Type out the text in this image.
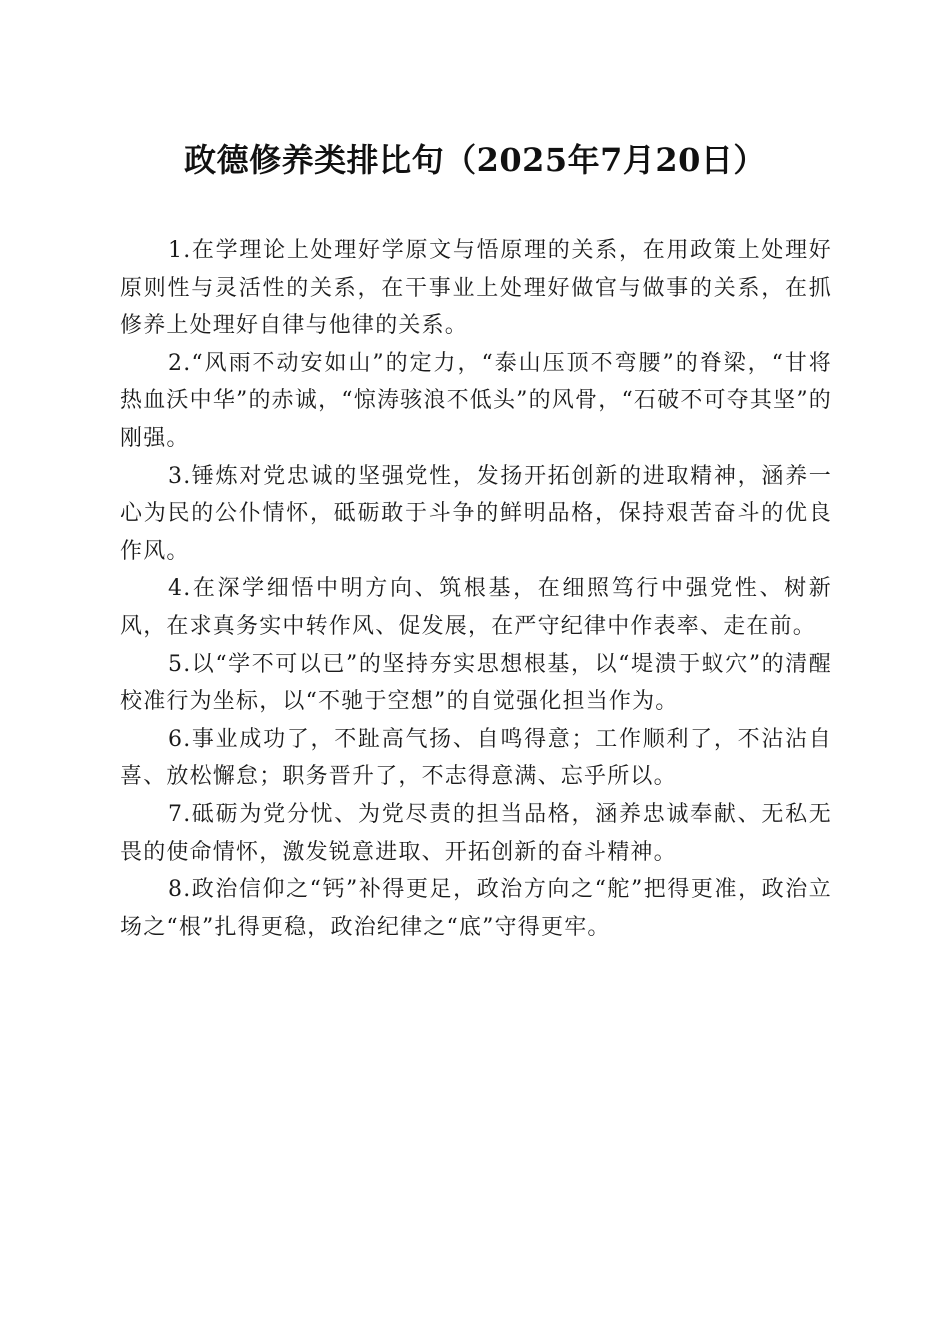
政德修养类排比句（2025年7月20日）

1.在学理论上处理好学原文与悟原理的关系，在用政策上处理好原则性与灵活性的关系，在干事业上处理好做官与做事的关系，在抓修养上处理好自律与他律的关系。

2.“风雨不动安如山”的定力，“泰山压顶不弯腰”的脊梁，“甘将热血沃中华”的赤诚，“惊涛骇浪不低头”的风骨，“石破不可夺其坚”的刚强。

3.锤炼对党忠诚的坚强党性，发扬开拓创新的进取精神，涵养一心为民的公仆情怀，砥砺敢于斗争的鲜明品格，保持艰苦奋斗的优良作风。

4.在深学细悟中明方向、筑根基，在细照笃行中强党性、树新风，在求真务实中转作风、促发展，在严守纪律中作表率、走在前。

5.以“学不可以已”的坚持夯实思想根基，以“堤溃于蚁穴”的清醒校准行为坐标，以“不驰于空想”的自觉强化担当作为。

6.事业成功了，不趾高气扬、自鸣得意；工作顺利了，不沾沾自喜、放松懈怠；职务晋升了，不志得意满、忘乎所以。

7.砥砺为党分忧、为党尽责的担当品格，涵养忠诚奉献、无私无畏的使命情怀，激发锐意进取、开拓创新的奋斗精神。

8.政治信仰之“钙”补得更足，政治方向之“舵”把得更准，政治立场之“根”扎得更稳，政治纪律之“底”守得更牢。
